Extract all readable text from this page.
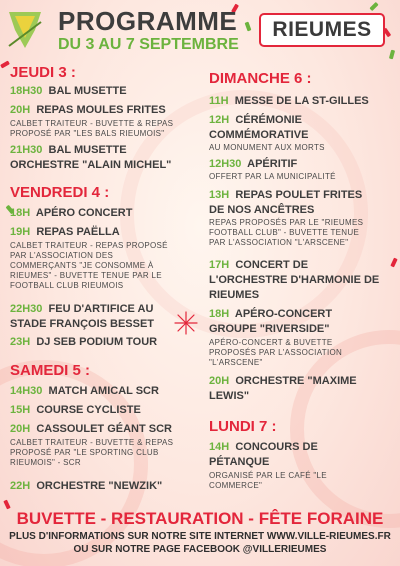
PROGRAMME
DU 3 AU 7 SEPTEMBRE
RIEUMES
JEUDI 3 :
18H30 BAL MUSETTE
20H REPAS MOULES FRITES
CALBET TRAITEUR - BUVETTE & REPAS
PROPOSÉ PAR "LES BALS RIEUMOIS"
21H30 BAL MUSETTE
ORCHESTRE "ALAIN MICHEL"
VENDREDI 4 :
18H APÉRO CONCERT
19H REPAS PAËLLA
CALBET TRAITEUR - REPAS PROPOSÉ
PAR L'ASSOCIATION DES
COMMERÇANTS "JE CONSOMME À
RIEUMES" - BUVETTE TENUE PAR LE
FOOTBALL CLUB RIEUMOIS
22H30 FEU D'ARTIFICE AU
STADE FRANÇOIS BESSET
23H DJ SEB PODIUM TOUR
SAMEDI 5 :
14H30 MATCH AMICAL SCR
15H COURSE CYCLISTE
20H CASSOULET GÉANT SCR
CALBET TRAITEUR - BUVETTE & REPAS
PROPOSÉ PAR "LE SPORTING CLUB
RIEUMOIS" - SCR
22H ORCHESTRE "NEWZIK"
DIMANCHE 6 :
11H MESSE DE LA ST-GILLES
12H CÉRÉMONIE
COMMÉMORATIVE
AU MONUMENT AUX MORTS
12H30 APÉRITIF
OFFERT PAR LA MUNICIPALITÉ
13H REPAS POULET FRITES
DE NOS ANCÊTRES
REPAS PROPOSÉS PAR LE "RIEUMES
FOOTBALL CLUB" - BUVETTE TENUE
PAR L'ASSOCIATION "L'ARSCENE"
17H CONCERT DE
L'ORCHESTRE D'HARMONIE DE
RIEUMES
18H APÉRO-CONCERT
GROUPE "RIVERSIDE"
APÉRO-CONCERT & BUVETTE
PROPOSÉS PAR L'ASSOCIATION
"L'ARSCENE"
20H ORCHESTRE "MAXIME
LEWIS"
LUNDI 7 :
14H CONCOURS DE
PÉTANQUE
ORGANISÉ PAR LE CAFÉ "LE
COMMERCE"
BUVETTE - RESTAURATION - FÊTE FORAINE
PLUS D'INFORMATIONS SUR NOTRE SITE INTERNET WWW.VILLE-RIEUMES.FR
OU SUR NOTRE PAGE FACEBOOK @VILLERIEUMES
